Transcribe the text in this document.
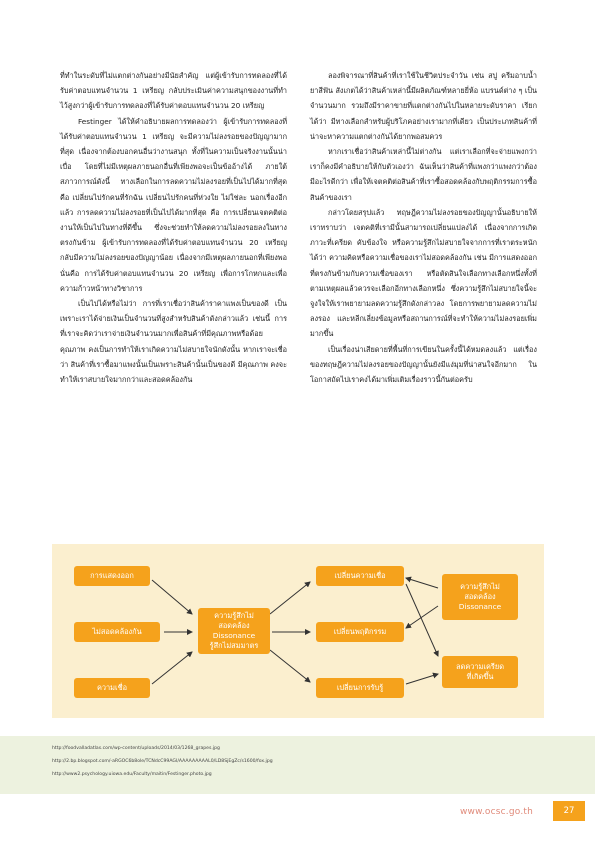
ที่ทำในระดับที่ไม่แตกต่างกันอย่างมีนัยสำคัญ แต่ผู้เข้ารับการทดลองที่ได้รับค่าตอบแทนจำนวน 1 เหรียญ กลับประเมินค่าความสนุกของงานที่ทำไว้สูงกว่าผู้เข้ารับการทดลองที่ได้รับค่าตอบแทนจำนวน 20 เหรียญ

Festinger ได้ให้คำอธิบายผลการทดลองว่า ผู้เข้ารับการทดลองที่ได้รับค่าตอบแทนจำนวน 1 เหรียญ จะมีความไม่ลงรอยของปัญญามากที่สุด เนื่องจากต้องบอกคนอื่นว่างานสนุก ทั้งที่ในความเป็นจริงงานนั้นน่าเบื่อ โดยที่ไม่มีเหตุผลภายนอกอื่นที่เพียงพอจะเป็นข้ออ้างได้ ภายใต้สภาวการณ์ดังนี้ ทางเลือกในการลดความไม่ลงรอยที่เป็นไปได้มากที่สุด คือ เปลี่ยนไปรักคนที่รักฉัน เปลี่ยนไปรักคนที่ห่วงใย ไม่ใช่ละ นอกเรื่องอีกแล้ว การลดความไม่ลงรอยที่เป็นไปได้มากที่สุด คือ การเปลี่ยนเจตคติต่องานให้เป็นไปในทางที่ดีขึ้น ซึ่งจะช่วยทำให้ลดความไม่ลงรอยลงในทางตรงกันข้าม ผู้เข้ารับการทดลองที่ได้รับค่าตอบแทนจำนวน 20 เหรียญ กลับมีความไม่ลงรอยของปัญญาน้อย เนื่องจากมีเหตุผลภายนอกที่เพียงพอ นั่นคือ การได้รับค่าตอบแทนจำนวน 20 เหรียญ เพื่อการโกหกและเพื่อความก้าวหน้าทางวิชาการ

เป็นไปได้หรือไม่ว่า การที่เราเชื่อว่าสินค้าราคาแพงเป็นของดี เป็นเพราะเราได้จ่ายเงินเป็นจำนวนที่สูงสำหรับสินค้าดังกล่าวแล้ว เช่นนี้ การที่เราจะคิดว่าเราจ่ายเงินจำนวนมากเพื่อสินค้าที่มีคุณภาพหรือด้อยคุณภาพ คงเป็นการทำให้เราเกิดความไม่สบายใจนักดังนั้น หากเราจะเชื่อว่า สินค้าที่เราซื้อมาแพงนั้นเป็นเพราะสินค้านั้นเป็นของดี มีคุณภาพ คงจะทำให้เราสบายใจมากกว่าและสอดคล้องกัน

ลองพิจารณาที่สินค้าที่เราใช้ในชีวิตประจำวัน เช่น สบู่ ครีมอาบน้ำ ยาสีฟัน สังเกตได้ว่าสินค้าเหล่านี้มีผลิตภัณฑ์หลายยี่ห้อ แบรนด์ต่าง ๆ เป็นจำนวนมาก รวมถึงมีราคาขายที่แตกต่างกันไปในหลายระดับราคา เรียกได้ว่า มีทางเลือกสำหรับผู้บริโภคอย่างเรามากที่เดียว เป็นประเภทสินค้าที่น่าจะหาความแตกต่างกันได้ยากพอสมควร

หากเราเชื่อว่าสินค้าเหล่านี้ไม่ต่างกัน แต่เราเลือกที่จะจ่ายแพงกว่า เราก็คงมีคำอธิบายให้กับตัวเองว่า ฉันเห็นว่าสินค้าที่แพงกว่าแพงกว่าต้องมีอะไรดีกว่า เพื่อให้เจตคติต่อสินค้าที่เราซื้อสอดคล้องกับพฤติกรรมการซื้อสินค้าของเรา

กล่าวโดยสรุปแล้ว ทฤษฎีความไม่ลงรอยของปัญญานั้นอธิบายให้เราทราบว่า เจตคติที่เรามีนั้นสามารถเปลี่ยนแปลงได้ เนื่องจากการเกิดภาวะที่เครียด คับข้องใจ หรือความรู้สึกไม่สบายใจจากการที่เราตระหนักได้ว่า ความคิดหรือความเชื่อของเราไม่สอดคล้องกัน เช่น มีการแสดงออกที่ตรงกันข้ามกับความเชื่อของเรา หรือตัดสินใจเลือกทางเลือกหนึ่งทั้งที่ตามเหตุผลแล้วควรจะเลือกอีกทางเลือกหนึ่ง ซึ่งความรู้สึกไม่สบายใจนี้จะจูงใจให้เราพยายามลดความรู้สึกดังกล่าวลง โดยการพยายามลดความไม่ลงรอง และหลีกเลี่ยงข้อมูลหรือสถานการณ์ที่จะทำให้ความไม่ลงรอยเพิ่มมากขึ้น

เป็นเรื่องน่าเสียดายที่พื้นที่การเขียนในครั้งนี้ได้หมดลงแล้ว แต่เรื่องของทฤษฎีความไม่ลงรอยของปัญญานั้นยังมีแง่มุมที่น่าสนใจอีกมาก ในโอกาสถัดไปเราคงได้มาเพิ่มเติมเรื่องราวนี้กันต่อครับ

การแสดงออก
ไม่สอดคล้องกัน
ความเชื่อ
ความรู้สึกไม่
สอดคล้อง
Dissonance
รู้สึกไม่สมมาตร
เปลี่ยนความเชื่อ
เปลี่ยนพฤติกรรม
เปลี่ยนการรับรู้
ความรู้สึกไม่
สอดคล้อง
Dissonance
ลดความเครียด
ที่เกิดขึ้น
http://foodvalladatlas.com/wp-content/uploads/2014/03/1268_grapes.jpg
http://2.bp.blogspot.com/-aRGOC6b8ole/TCNdcC99AGI/AAAAAAAAAL0/LD8SjEgZc/s1600/fox.jpg
http://www2.psychology.uiowa.edu/Faculty/maitin/Festinger.photo.jpg
www.ocsc.go.th	27
